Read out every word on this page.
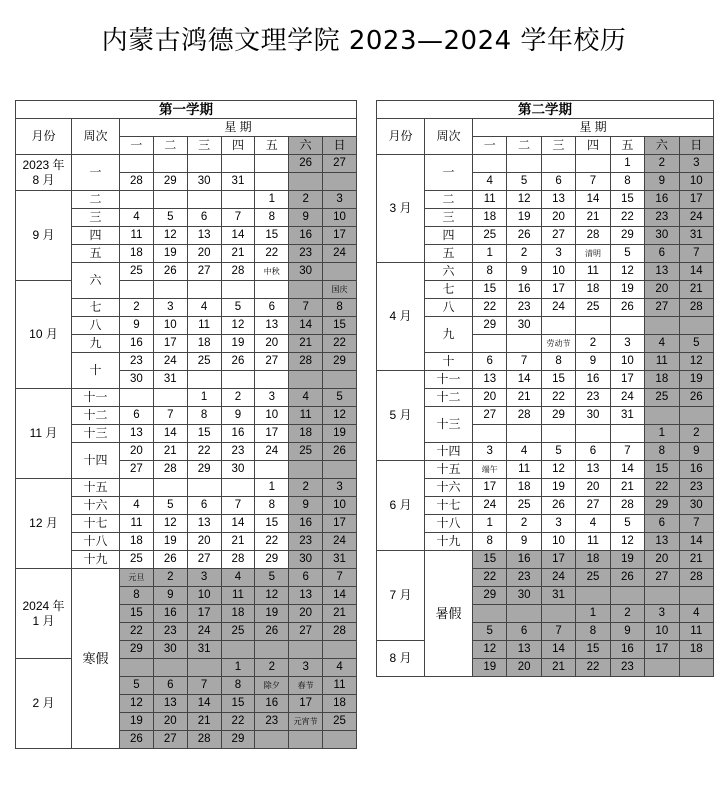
内蒙古鸿德文理学院 2023—2024 学年校历
第一学期								
月份	周次	星 期						
		一	二	三	四	五	六	日
2023 年
8 月	一						26	27
		28	29	30	31			
9 月	二					1	2	3
	三	4	5	6	7	8	9	10
	四	11	12	13	14	15	16	17
	五	18	19	20	21	22	23	24
	六	25	26	27	28	中秋	30	
10 月								国庆
	七	2	3	4	5	6	7	8
	八	9	10	11	12	13	14	15
	九	16	17	18	19	20	21	22
	十	23	24	25	26	27	28	29
		30	31					
11 月	十一			1	2	3	4	5
	十二	6	7	8	9	10	11	12
	十三	13	14	15	16	17	18	19
	十四	20	21	22	23	24	25	26
		27	28	29	30			
12 月	十五					1	2	3
	十六	4	5	6	7	8	9	10
	十七	11	12	13	14	15	16	17
	十八	18	19	20	21	22	23	24
	十九	25	26	27	28	29	30	31
2024 年
1 月	寒假	元旦	2	3	4	5	6	7
		8	9	10	11	12	13	14
		15	16	17	18	19	20	21
		22	23	24	25	26	27	28
		29	30	31				
2 月					1	2	3	4
		5	6	7	8	除夕	春节	11
		12	13	14	15	16	17	18
		19	20	21	22	23	元宵节	25
		26	27	28	29			
第二学期								
月份	周次	星 期						
		一	二	三	四	五	六	日
3 月	一					1	2	3
		4	5	6	7	8	9	10
	二	11	12	13	14	15	16	17
	三	18	19	20	21	22	23	24
	四	25	26	27	28	29	30	31
	五	1	2	3	清明	5	6	7
4 月	六	8	9	10	11	12	13	14
	七	15	16	17	18	19	20	21
	八	22	23	24	25	26	27	28
	九	29	30					
				劳动节	2	3	4	5
	十	6	7	8	9	10	11	12
5 月	十一	13	14	15	16	17	18	19
	十二	20	21	22	23	24	25	26
	十三	27	28	29	30	31		
							1	2
	十四	3	4	5	6	7	8	9
6 月	十五	端午	11	12	13	14	15	16
	十六	17	18	19	20	21	22	23
	十七	24	25	26	27	28	29	30
	十八	1	2	3	4	5	6	7
	十九	8	9	10	11	12	13	14
7 月	暑假	15	16	17	18	19	20	21
		22	23	24	25	26	27	28
		29	30	31				
					1	2	3	4
		5	6	7	8	9	10	11
8 月		12	13	14	15	16	17	18
		19	20	21	22	23		
